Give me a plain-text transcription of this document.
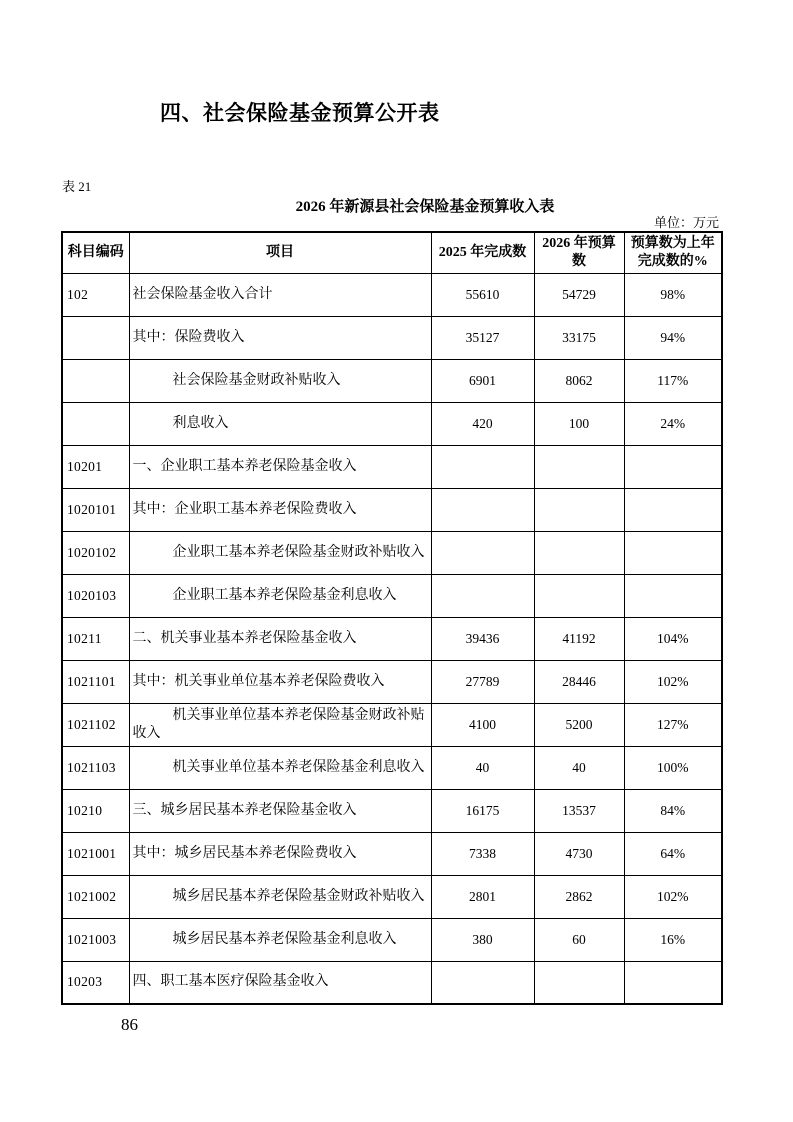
四、社会保险基金预算公开表
表 21
2026 年新源县社会保险基金预算收入表
单位：万元
科目编码	项目	2025 年完成数	2026 年预算数	预算数为上年
完成数的%

102	社会保险基金收入合计	55610	54729	98%
	其中：保险费收入	35127	33175	94%
	社会保险基金财政补贴收入	6901	8062	117%
	利息收入	420	100	24%
10201	一、企业职工基本养老保险基金收入			
1020101	其中：企业职工基本养老保险费收入			
1020102	企业职工基本养老保险基金财政补贴收入			
1020103	企业职工基本养老保险基金利息收入			
10211	二、机关事业基本养老保险基金收入	39436	41192	104%
1021101	其中：机关事业单位基本养老保险费收入	27789	28446	102%
1021102	机关事业单位基本养老保险基金财政补贴收入	4100	5200	127%
1021103	机关事业单位基本养老保险基金利息收入	40	40	100%
10210	三、城乡居民基本养老保险基金收入	16175	13537	84%
1021001	其中：城乡居民基本养老保险费收入	7338	4730	64%
1021002	城乡居民基本养老保险基金财政补贴收入	2801	2862	102%
1021003	城乡居民基本养老保险基金利息收入	380	60	16%
10203	四、职工基本医疗保险基金收入			
86
